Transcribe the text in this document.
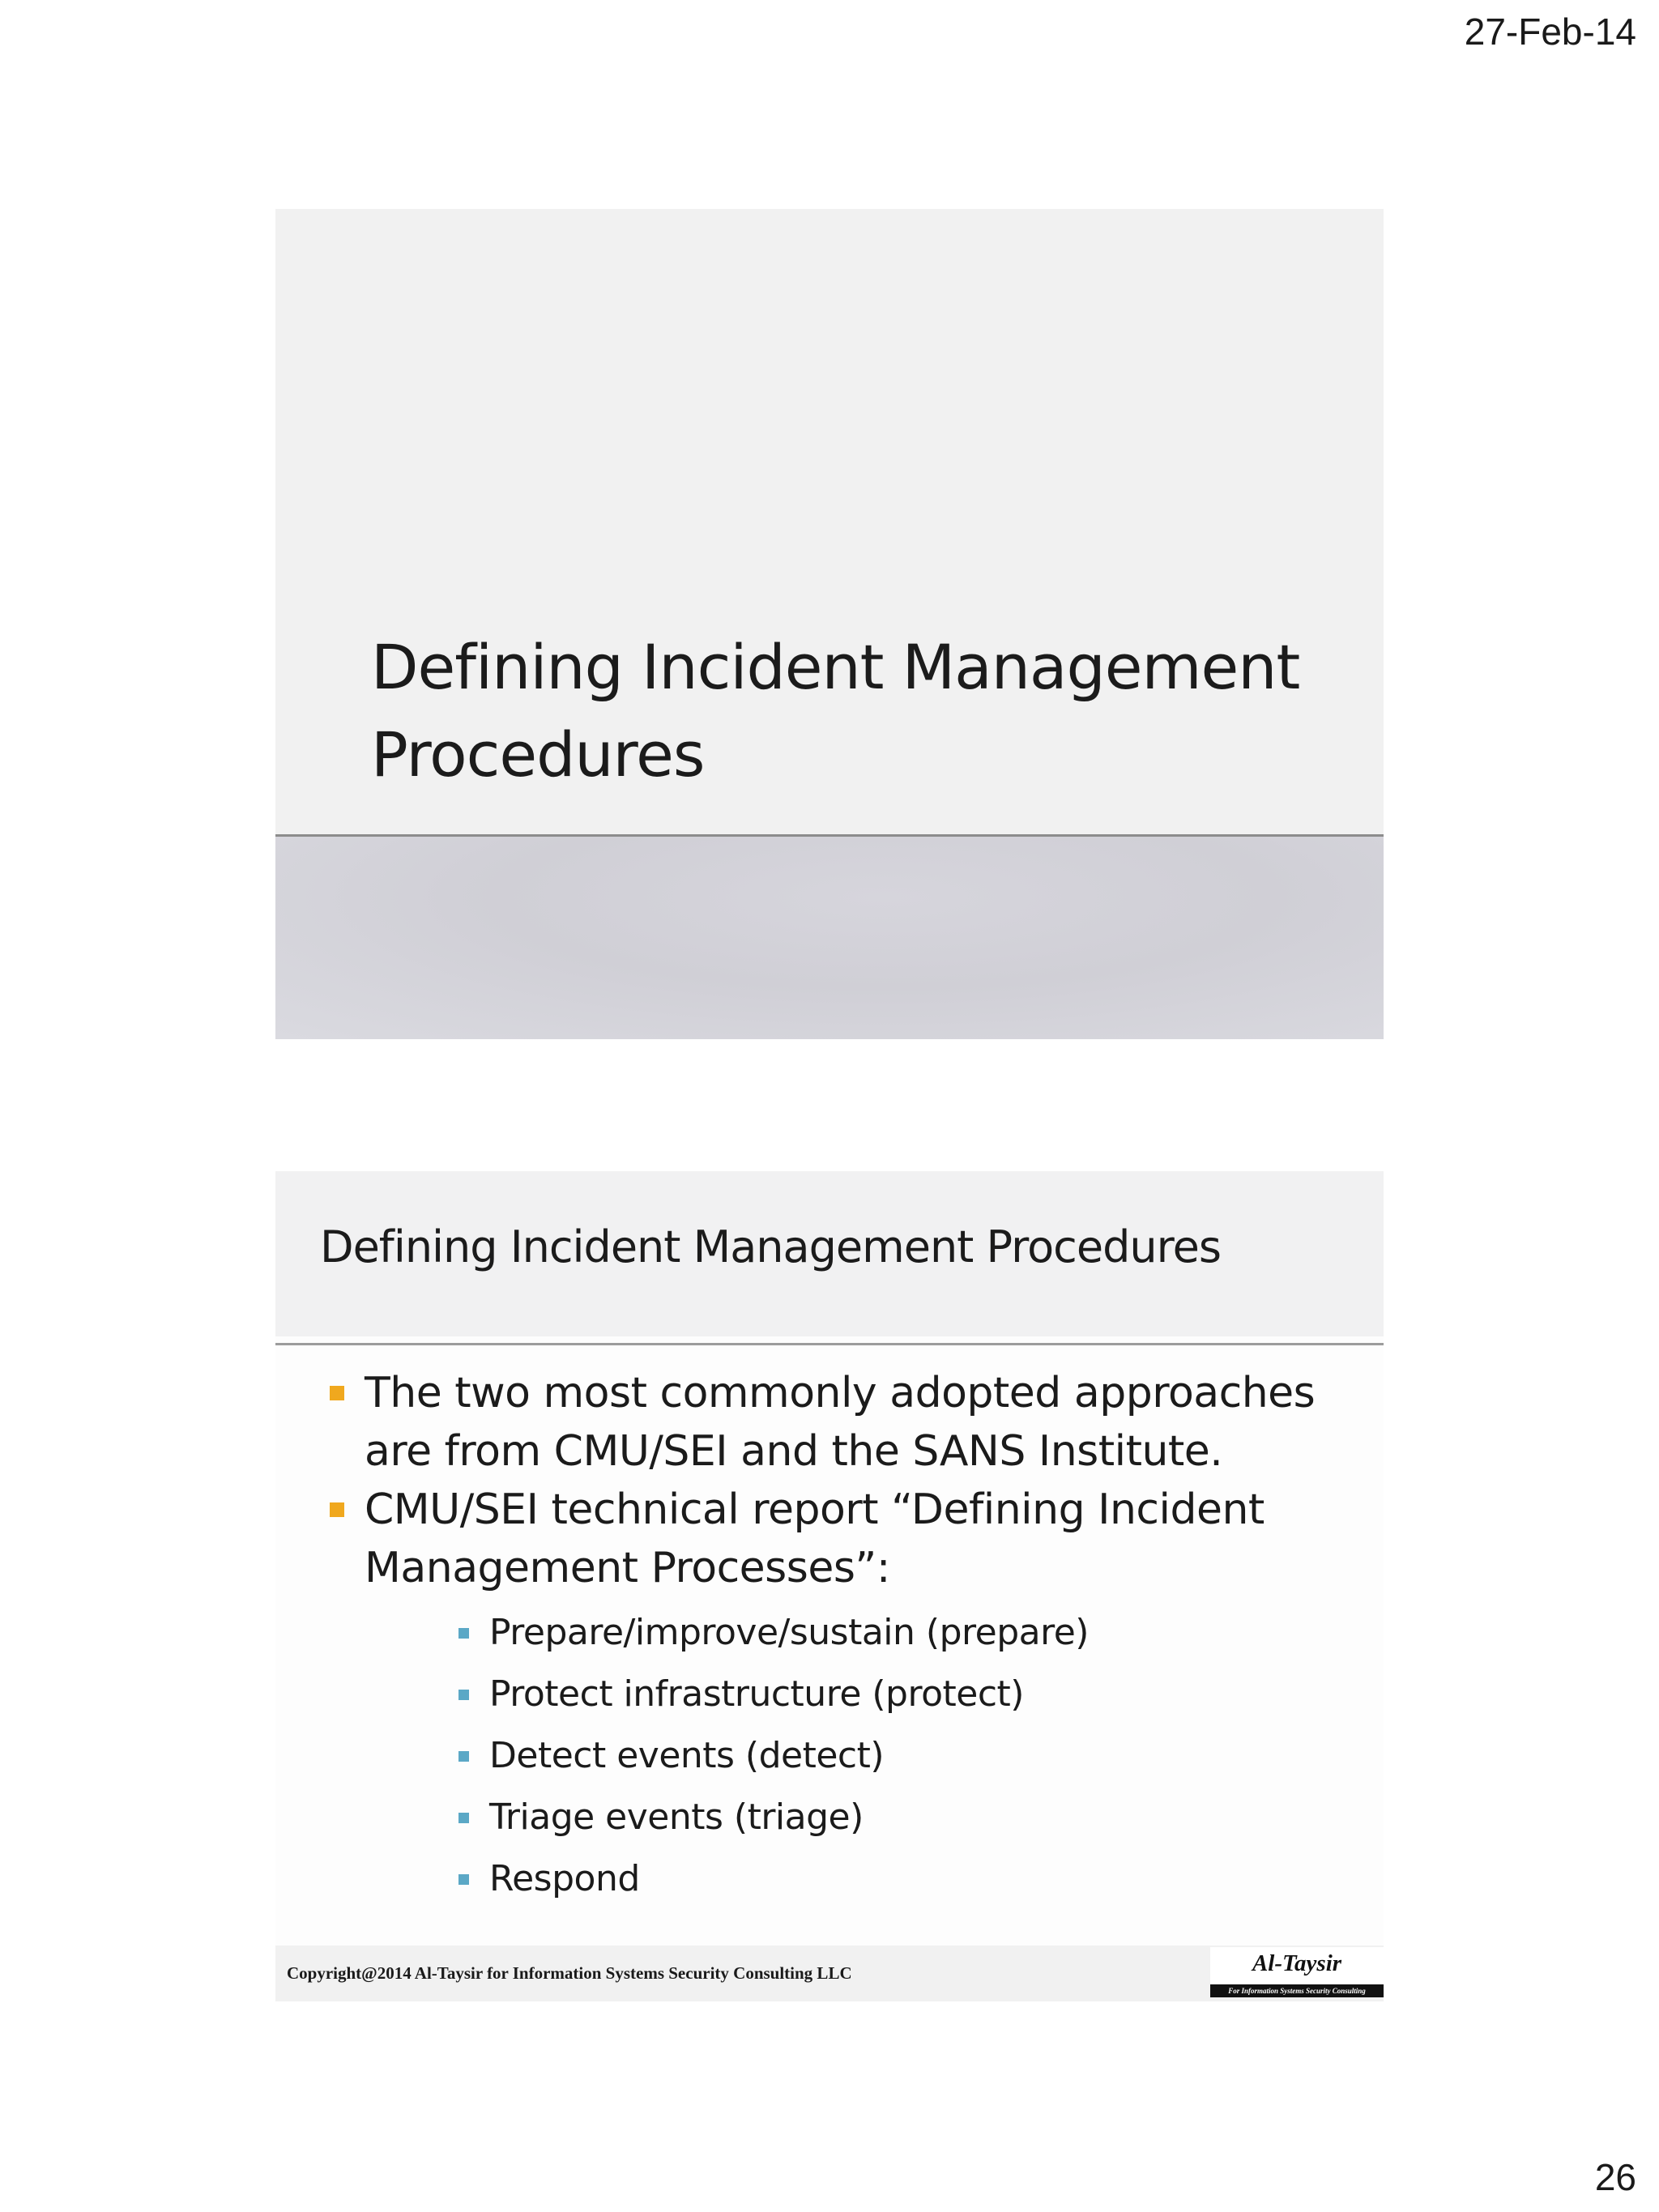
27-Feb-14
Defining Incident Management
Procedures
Defining Incident Management Procedures
The two most commonly adopted approaches
are from CMU/SEI and the SANS Institute.
CMU/SEI technical report “Defining Incident
Management Processes”:
Prepare/improve/sustain (prepare)
Protect infrastructure (protect)
Detect events (detect)
Triage events (triage)
Respond
Copyright@2014 Al-Taysir for Information Systems Security Consulting LLC	Al-Taysir
For Information Systems Security Consulting
26
